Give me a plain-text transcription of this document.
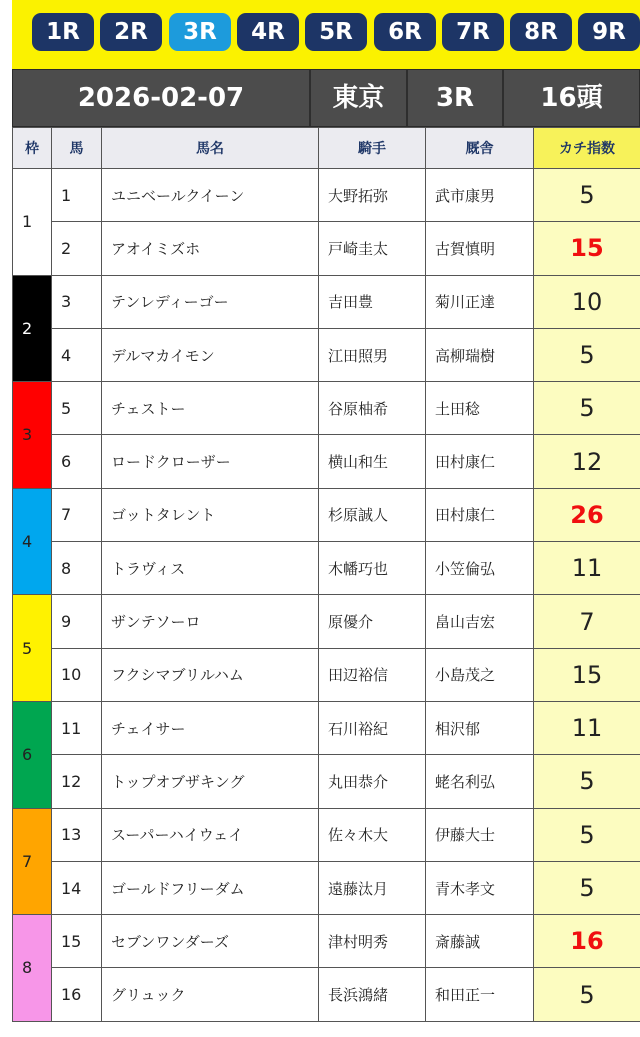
1R	2R	3R	4R	5R	6R	7R	8R	9R
2026-02-07	東京	3R	16頭
枠	馬	馬名	騎手	厩舎	カチ指数
1	1	ユニベールクイーン	大野拓弥	武市康男	5
	2	アオイミズホ	戸崎圭太	古賀慎明	15
2	3	テンレディーゴー	吉田豊	菊川正達	10
	4	デルマカイモン	江田照男	高柳瑞樹	5
3	5	チェストー	谷原柚希	土田稔	5
	6	ロードクローザー	横山和生	田村康仁	12
4	7	ゴットタレント	杉原誠人	田村康仁	26
	8	トラヴィス	木幡巧也	小笠倫弘	11
5	9	ザンテソーロ	原優介	畠山吉宏	7
	10	フクシマブリルハム	田辺裕信	小島茂之	15
6	11	チェイサー	石川裕紀	相沢郁	11
	12	トップオブザキング	丸田恭介	蛯名利弘	5
7	13	スーパーハイウェイ	佐々木大	伊藤大士	5
	14	ゴールドフリーダム	遠藤汰月	青木孝文	5
8	15	セブンワンダーズ	津村明秀	斎藤誠	16
	16	グリュック	長浜鴻緒	和田正一	5
